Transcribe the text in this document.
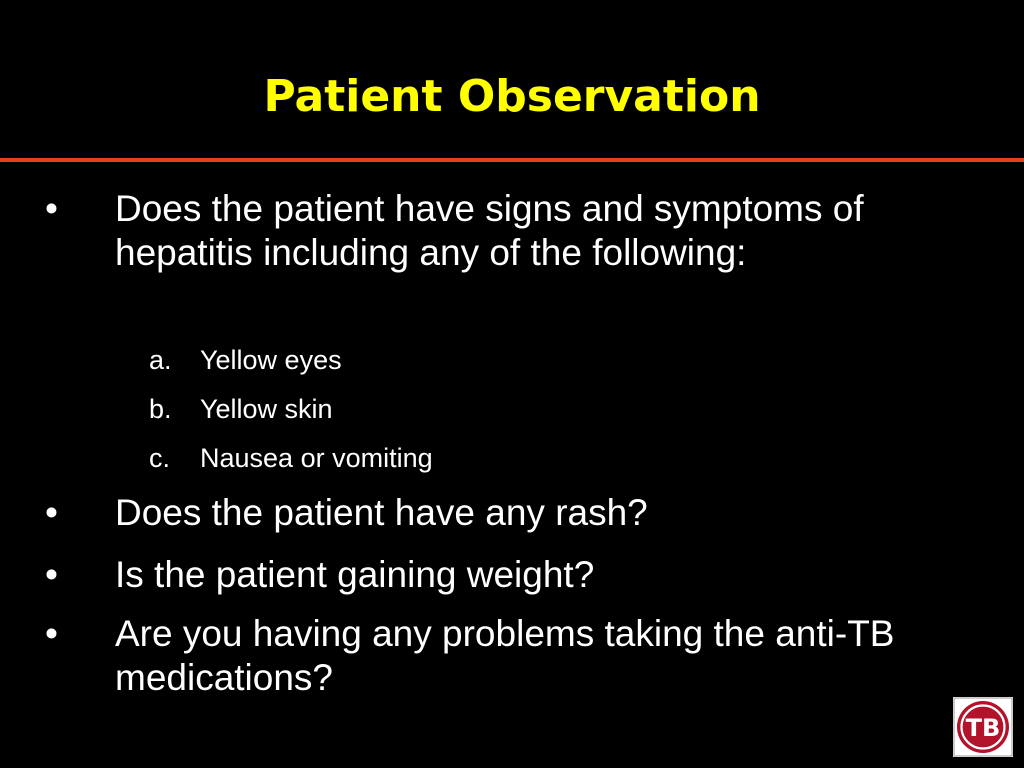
Patient Observation
•	Does the patient have signs and symptoms of hepatitis including any of the following:
a. Yellow eyes
b. Yellow skin
c. Nausea or vomiting
•	Does the patient have any rash?
•	Is the patient gaining weight?
•	Are you having any problems taking the anti-TB medications?
TB
